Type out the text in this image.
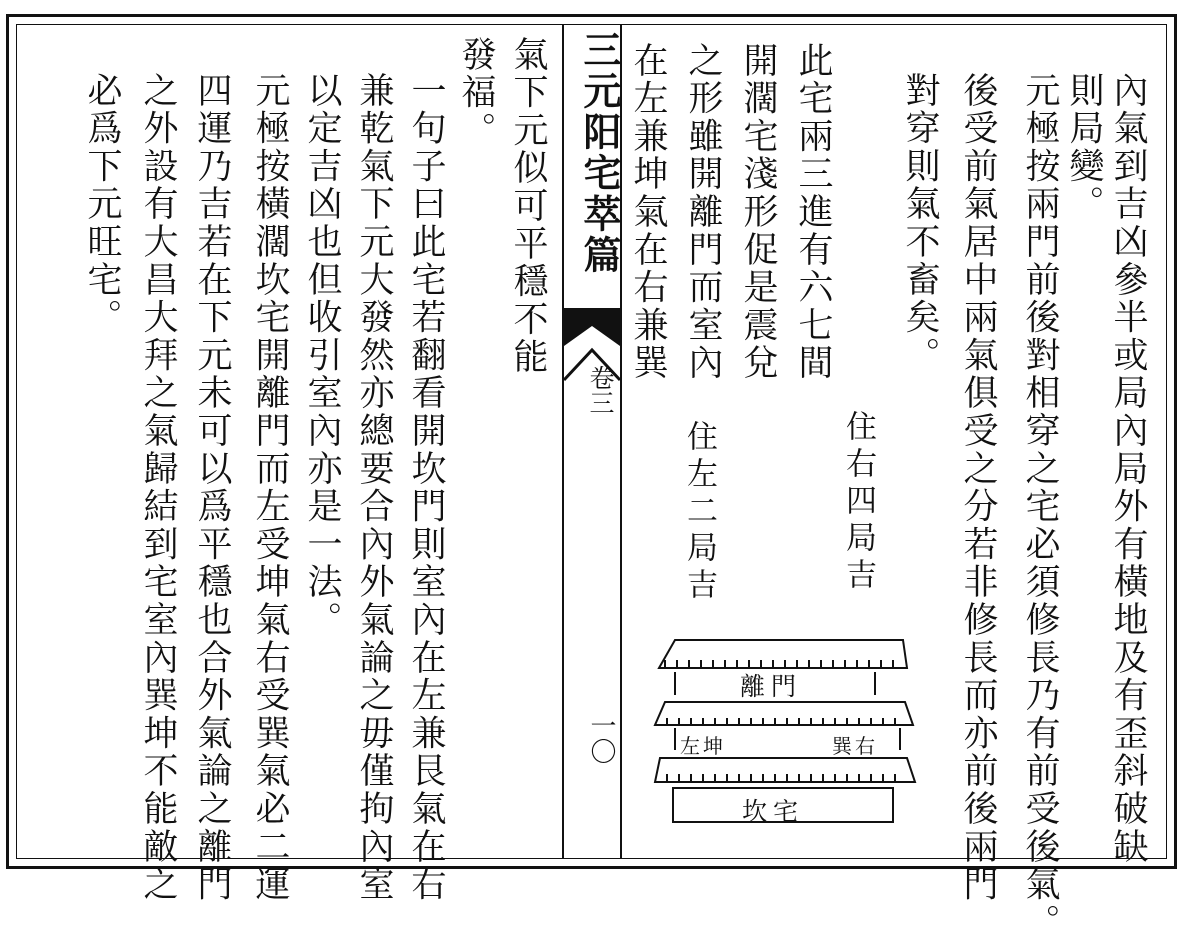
三元阳宅萃篇
卷三
一〇	內氣到吉凶參半或局內局外有橫地及有歪斜破缺
則局變。
元極按兩門前後對相穿之宅必須修長乃有前受後氣。
後受前氣居中兩氣俱受之分若非修長而亦前後兩門
對穿則氣不畜矣。
此宅兩三進有六七間
開濶宅淺形促是震兌
之形雖開離門而室內
在左兼坤氣在右兼巽
住右四局吉
住左二局吉
離門
左坤	巽右
坎宅
氣下元似可平穩不能
發福。
一句子曰此宅若翻看開坎門則室內在左兼艮氣在右
兼乾氣下元大發然亦總要合內外氣論之毋僅拘內室
以定吉凶也但收引室內亦是一法。
元極按橫濶坎宅開離門而左受坤氣右受巽氣必二運
四運乃吉若在下元未可以爲平穩也合外氣論之離門
之外設有大昌大拜之氣歸結到宅室內巽坤不能敵之
必爲下元旺宅。
